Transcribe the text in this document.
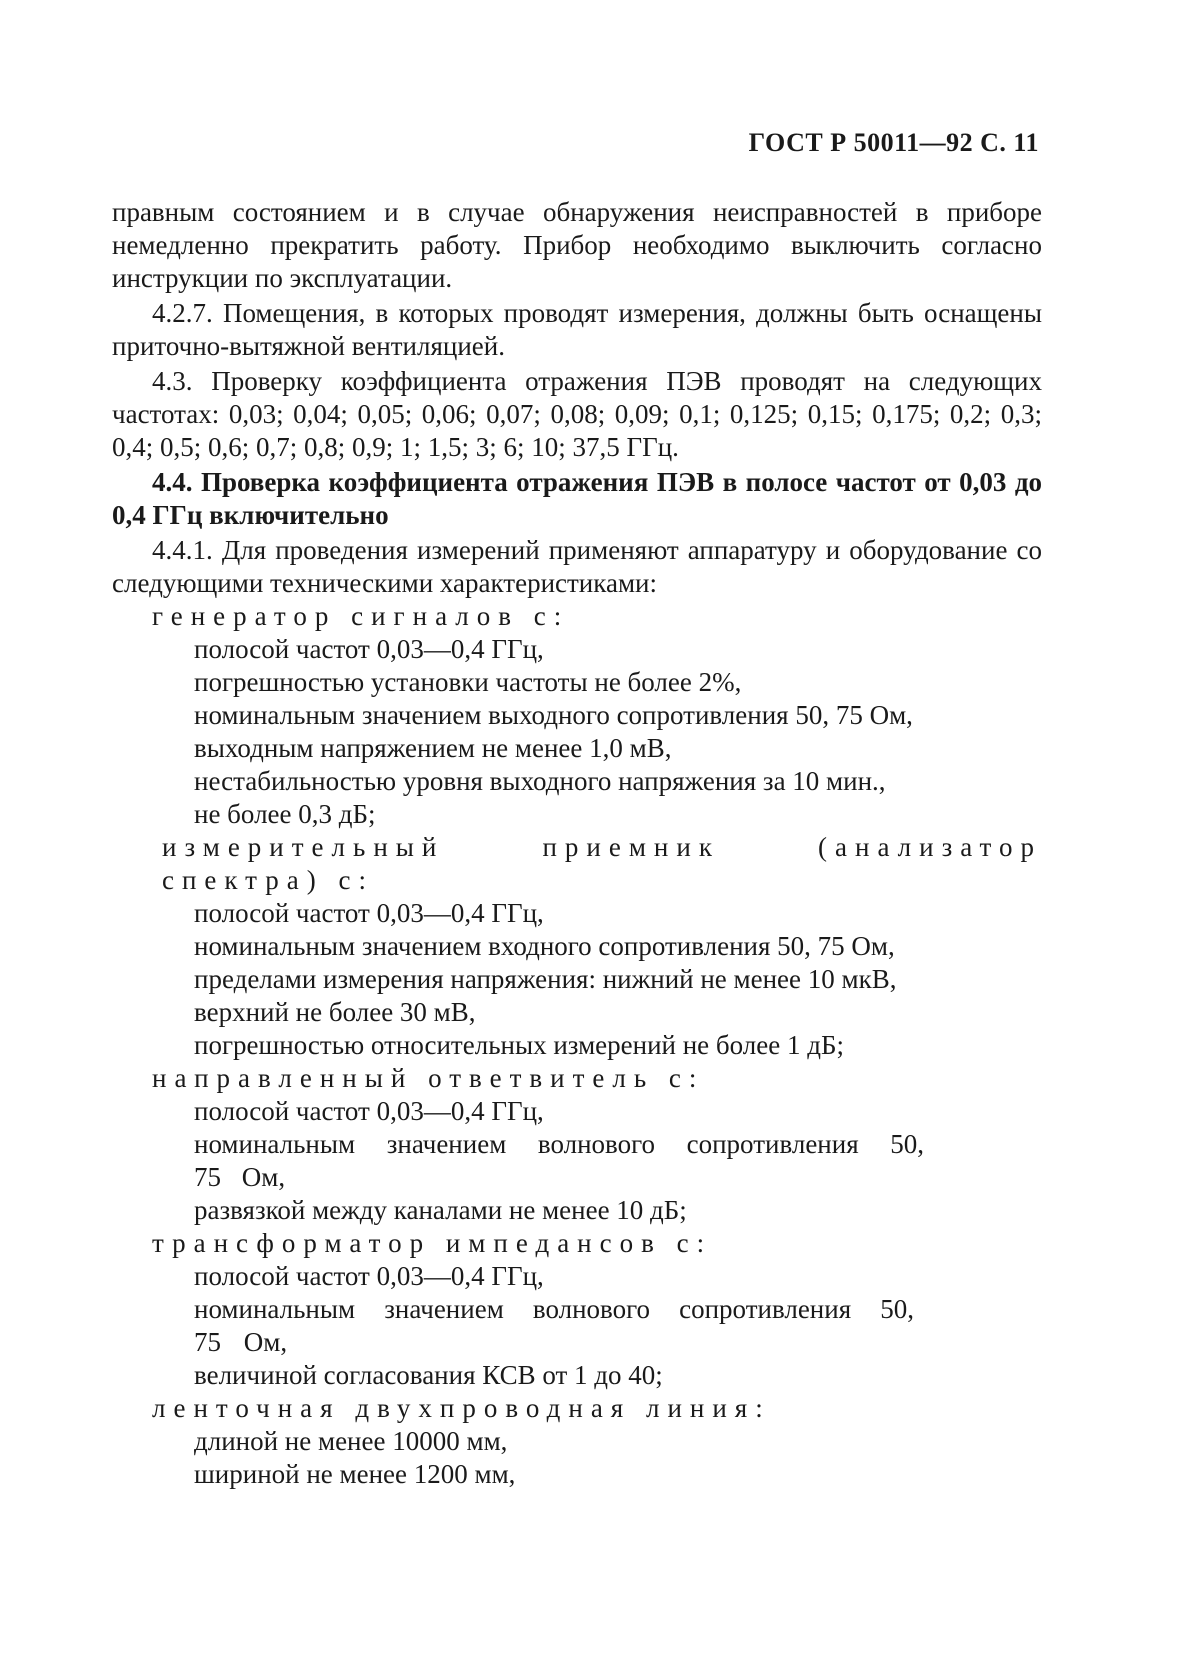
ГОСТ Р 50011—92 С. 11

правным состоянием и в случае обнаружения неисправностей в приборе немедленно прекратить работу. Прибор необходимо выключить согласно инструкции по эксплуатации.

4.2.7. Помещения, в которых проводят измерения, должны быть оснащены приточно-вытяжной вентиляцией.

4.3. Проверку коэффициента отражения ПЭВ проводят на следующих частотах: 0,03; 0,04; 0,05; 0,06; 0,07; 0,08; 0,09; 0,1; 0,125; 0,15; 0,175; 0,2; 0,3; 0,4; 0,5; 0,6; 0,7; 0,8; 0,9; 1; 1,5; 3; 6; 10; 37,5 ГГц.

4.4. Проверка коэффициента отражения ПЭВ в полосе частот от 0,03 до 0,4 ГГц включительно

4.4.1. Для проведения измерений применяют аппаратуру и оборудование со следующими техническими характеристиками:

генератор сигналов с:

полосой частот 0,03—0,4 ГГц,

погрешностью установки частоты не более 2%,

номинальным значением выходного сопротивления 50, 75 Ом,

выходным напряжением не менее 1,0 мВ,

нестабильностью уровня выходного напряжения за 10 мин., не более 0,3 дБ;

измерительный	приемник	(анализатор

спектра) с:

полосой частот 0,03—0,4 ГГц,

номинальным значением входного сопротивления 50, 75 Ом,

пределами измерения напряжения: нижний не менее 10 мкВ, верхний не более 30 мВ,

погрешностью относительных измерений не более 1 дБ;

направленный ответвитель с:

полосой частот 0,03—0,4 ГГц,

номинальным значением волнового сопротивления 50, 75 Ом,

развязкой между каналами не менее 10 дБ;

трансформатор импедансов с:

полосой частот 0,03—0,4 ГГц,

номинальным значением волнового сопротивления 50, 75 Ом,

величиной согласования КСВ от 1 до 40;

ленточная двухпроводная линия:

длиной не менее 10000 мм,

шириной не менее 1200 мм,
